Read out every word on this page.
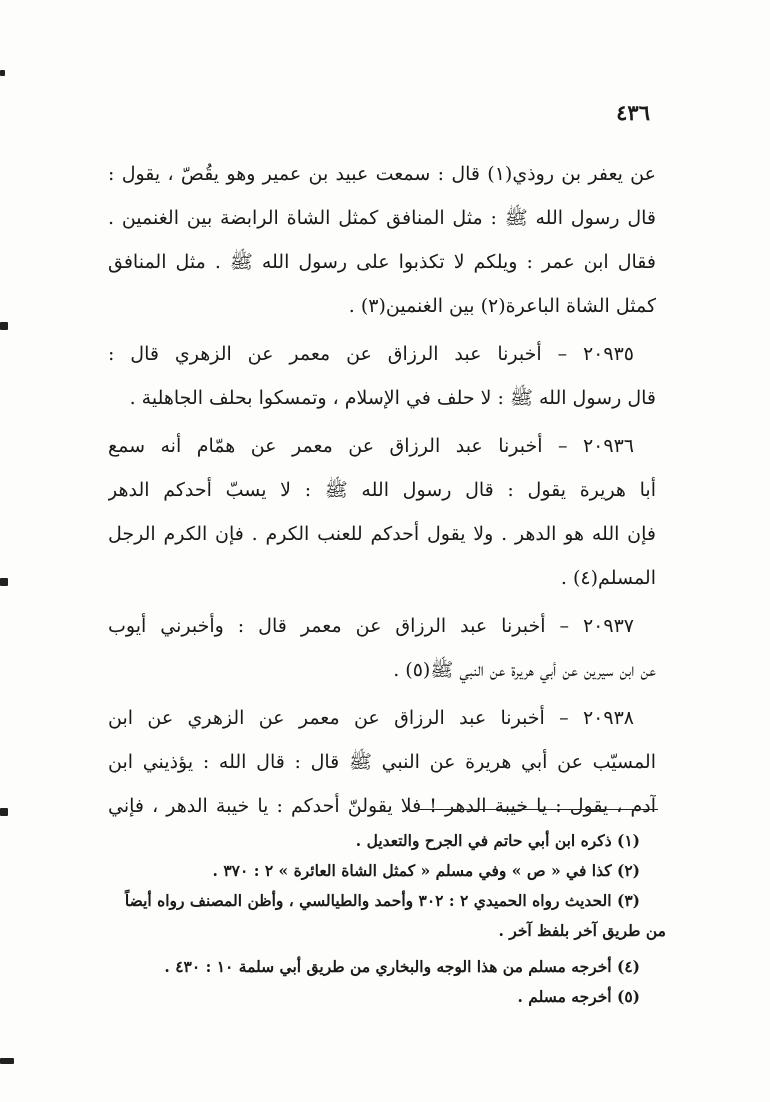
٤٣٦

عن يعفر بن روذي(١) قال : سمعت عبيد بن عمير وهو يقُصّ ، يقول :

قال رسول الله ﷺ : مثل المنافق كمثل الشاة الرابضة بين الغنمين .

فقال ابن عمر : ويلكم لا تكذبوا على رسول الله ﷺ . مثل المنافق

كمثل الشاة الباعرة(٢) بين الغنمين(٣) .

٢٠٩٣٥ – أخبرنا عبد الرزاق عن معمر عن الزهري قال :

قال رسول الله ﷺ : لا حلف في الإسلام ، وتمسكوا بحلف الجاهلية .

٢٠٩٣٦ – أخبرنا عبد الرزاق عن معمر عن همّام أنه سمع

أبا هريرة يقول : قال رسول الله ﷺ : لا يسبّ أحدكم الدهر

فإن الله هو الدهر . ولا يقول أحدكم للعنب الكرم . فإن الكرم الرجل

المسلم(٤) .

٢٠٩٣٧ – أخبرنا عبد الرزاق عن معمر قال : وأخبرني أيوب

عن ابن سيرين عن أبي هريرة عن النبي ﷺ(٥) .

٢٠٩٣٨ – أخبرنا عبد الرزاق عن معمر عن الزهري عن ابن

المسيّب عن أبي هريرة عن النبي ﷺ قال : قال الله : يؤذيني ابن

آدم ، يقول : يا خيبة الدهر ! فلا يقولنّ أحدكم : يا خيبة الدهر ، فإني

(١) ذكره ابن أبي حاتم في الجرح والتعديل .

(٢) كذا في « ص » وفي مسلم « كمثل الشاة العائرة » ٢ : ٣٧٠ .

(٣) الحديث رواه الحميدي ٢ : ٣٠٢ وأحمد والطيالسي ، وأظن المصنف رواه أيضاً

من طريق آخر بلفظ آخر .

(٤) أخرجه مسلم من هذا الوجه والبخاري من طريق أبي سلمة ١٠ : ٤٣٠ .

(٥) أخرجه مسلم .
